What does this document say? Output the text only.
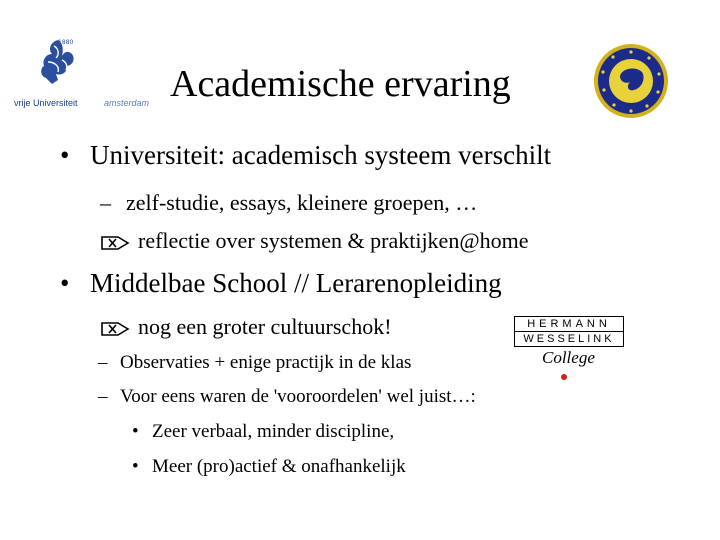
1880
vrije Universiteit	amsterdam Academische ervaring
• Universiteit: academisch systeem verschilt
– zelf-studie, essays, kleinere groepen, …
reflectie over systemen & praktijken@home
• Middelbae School // Lerarenopleiding
nog een groter cultuurschok!
– Observaties + enige practijk in de klas
– Voor eens waren de 'vooroordelen' wel juist…:
• Zeer verbaal, minder discipline,
• Meer (pro)actief & onafhankelijk
HERMANN
WESSELINK
College
